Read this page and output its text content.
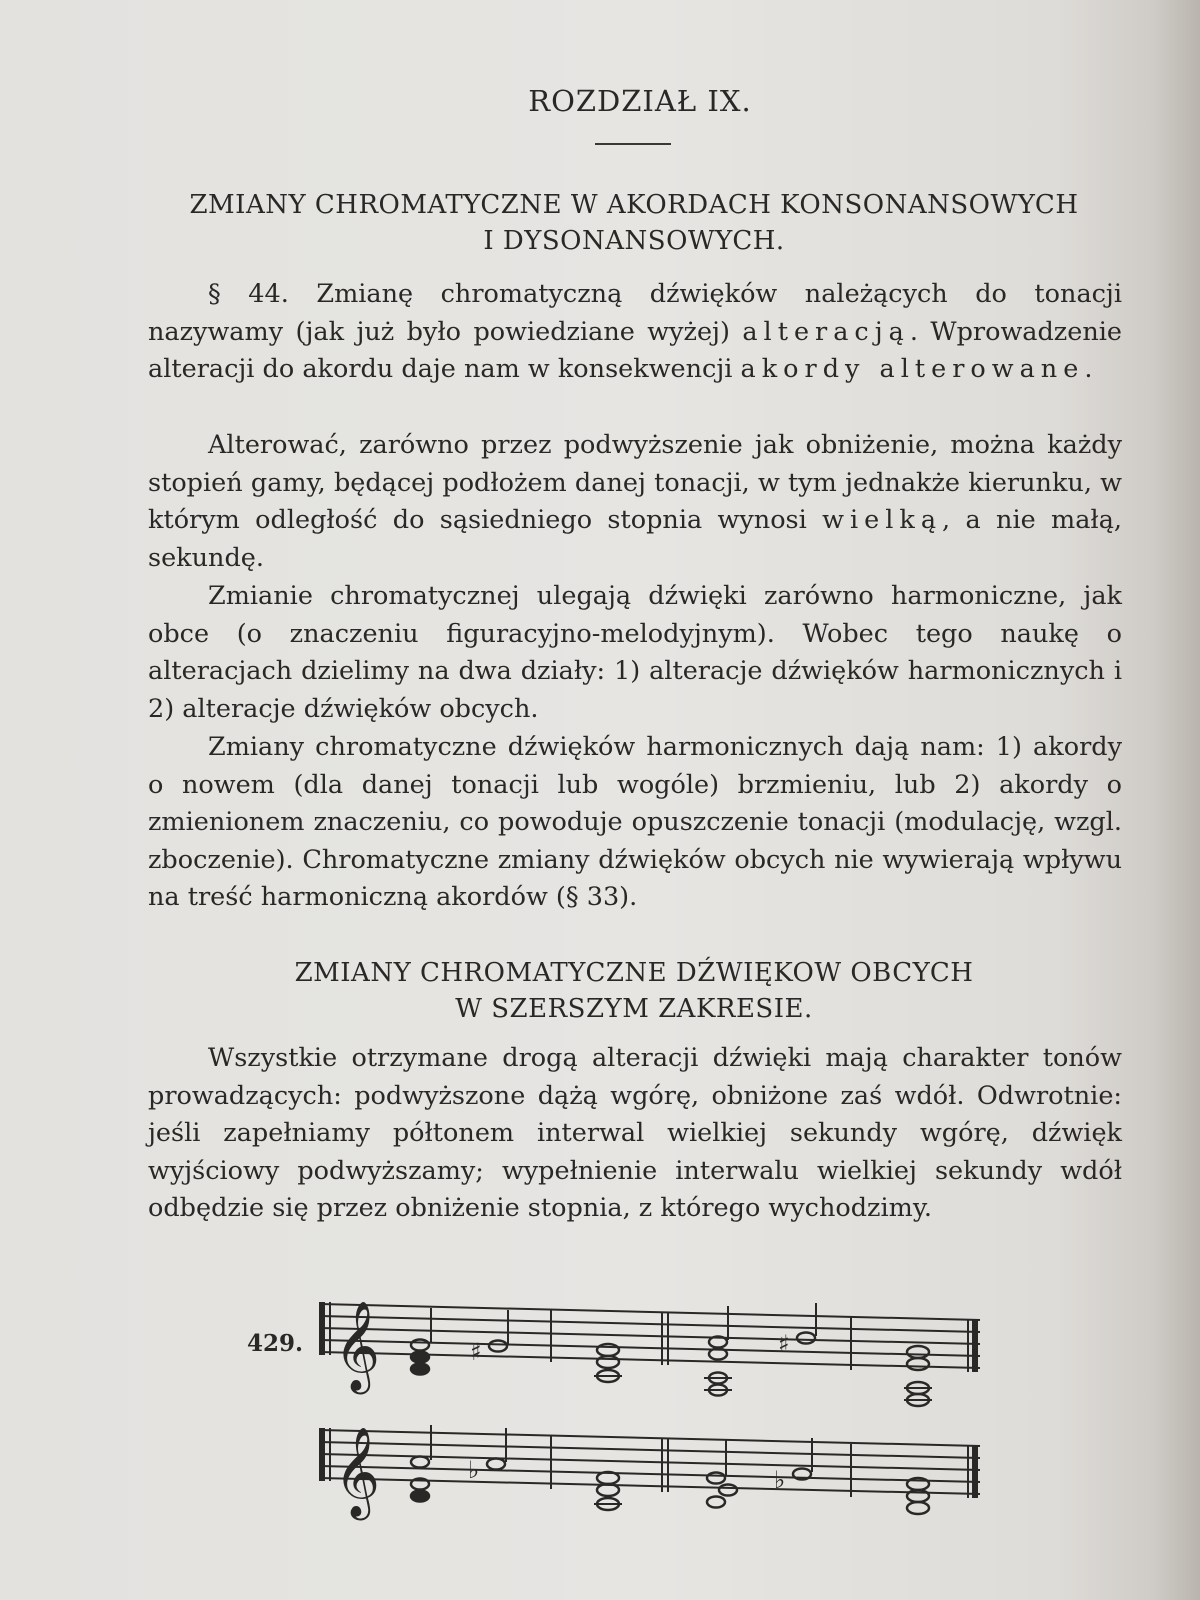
ROZDZIAŁ IX.
ZMIANY CHROMATYCZNE W AKORDACH KONSONANSOWYCH
I DYSONANSOWYCH.

§ 44. Zmianę chromatyczną dźwięków należących do tonacji nazywamy (jak już było powiedziane wyżej) alteracją. Wprowadzenie alteracji do akordu daje nam w konsekwencji akordy alterowane.

Alterować, zarówno przez podwyższenie jak obniżenie, można każdy stopień gamy, będącej podłożem danej tonacji, w tym jednakże kierunku, w którym odległość do sąsiedniego stopnia wynosi wielką, a nie małą, sekundę.

Zmianie chromatycznej ulegają dźwięki zarówno harmoniczne, jak obce (o znaczeniu figuracyjno-melodyjnym). Wobec tego naukę o alteracjach dzielimy na dwa działy: 1) alteracje dźwięków harmonicznych i 2) alteracje dźwięków obcych.

Zmiany chromatyczne dźwięków harmonicznych dają nam: 1) akordy o nowem (dla danej tonacji lub wogóle) brzmieniu, lub 2) akordy o zmienionem znaczeniu, co powoduje opuszczenie tonacji (modulację, wzgl. zboczenie). Chromatyczne zmiany dźwięków obcych nie wywierają wpływu na treść harmoniczną akordów (§ 33).

ZMIANY CHROMATYCZNE DŹWIĘKOW OBCYCH
W SZERSZYM ZAKRESIE.

Wszystkie otrzymane drogą alteracji dźwięki mają charakter tonów prowadzących: podwyższone dążą wgórę, obniżone zaś wdół. Odwrotnie: jeśli zapełniamy półtonem interwal wielkiej sekundy wgórę, dźwięk wyjściowy podwyższamy; wypełnienie interwalu wielkiej sekundy wdół odbędzie się przez obniżenie stopnia, z którego wychodzimy.

429. 𝄞	♯	♯
𝄞	♭	♭
